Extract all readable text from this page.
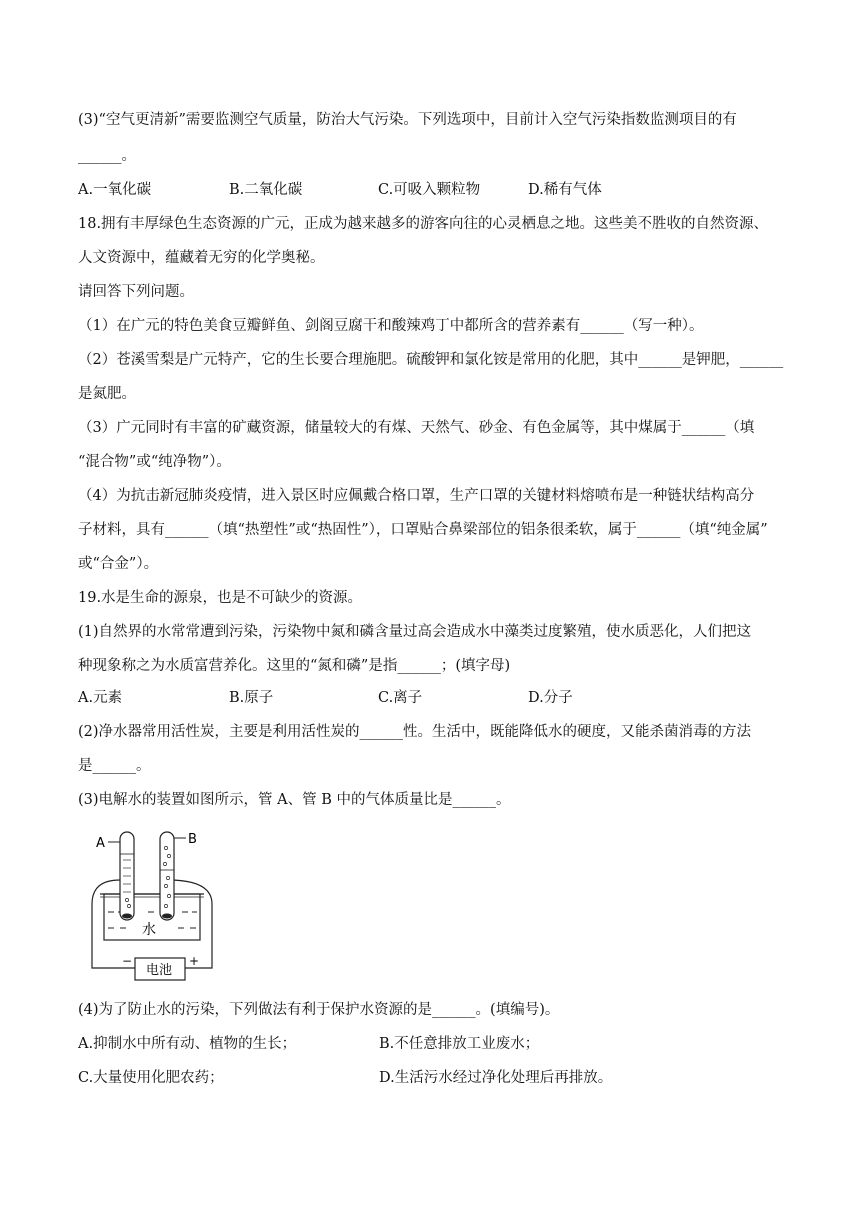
(3)“空气更清新”需要监测空气质量，防治大气污染。下列选项中，目前计入空气污染指数监测项目的有
______。
A.一氧化碳	B.二氧化碳	C.可吸入颗粒物	D.稀有气体
18.拥有丰厚绿色生态资源的广元，正成为越来越多的游客向往的心灵栖息之地。这些美不胜收的自然资源、
人文资源中，蕴藏着无穷的化学奥秘。
请回答下列问题。
（1）在广元的特色美食豆瓣鲜鱼、剑阁豆腐干和酸辣鸡丁中都所含的营养素有______（写一种）。
（2）苍溪雪梨是广元特产，它的生长要合理施肥。硫酸钾和氯化铵是常用的化肥，其中______是钾肥，______
是氮肥。
（3）广元同时有丰富的矿藏资源，储量较大的有煤、天然气、砂金、有色金属等，其中煤属于______（填
“混合物”或“纯净物”）。
（4）为抗击新冠肺炎疫情，进入景区时应佩戴合格口罩，生产口罩的关键材料熔喷布是一种链状结构高分
子材料，具有______（填“热塑性”或“热固性”），口罩贴合鼻梁部位的铝条很柔软，属于______（填“纯金属”
或“合金”）。
19.水是生命的源泉，也是不可缺少的资源。
(1)自然界的水常常遭到污染，污染物中氮和磷含量过高会造成水中藻类过度繁殖，使水质恶化，人们把这
种现象称之为水质富营养化。这里的“氮和磷”是指______；(填字母)
A.元素	B.原子	C.离子	D.分子
(2)净水器常用活性炭，主要是利用活性炭的______性。生活中，既能降低水的硬度，又能杀菌消毒的方法
是______。
(3)电解水的装置如图所示，管 A、管 B 中的气体质量比是______。
A	B
水
电池
−	+
(4)为了防止水的污染，下列做法有利于保护水资源的是______。(填编号)。
A.抑制水中所有动、植物的生长；	B.不任意排放工业废水；
C.大量使用化肥农药；	D.生活污水经过净化处理后再排放。
